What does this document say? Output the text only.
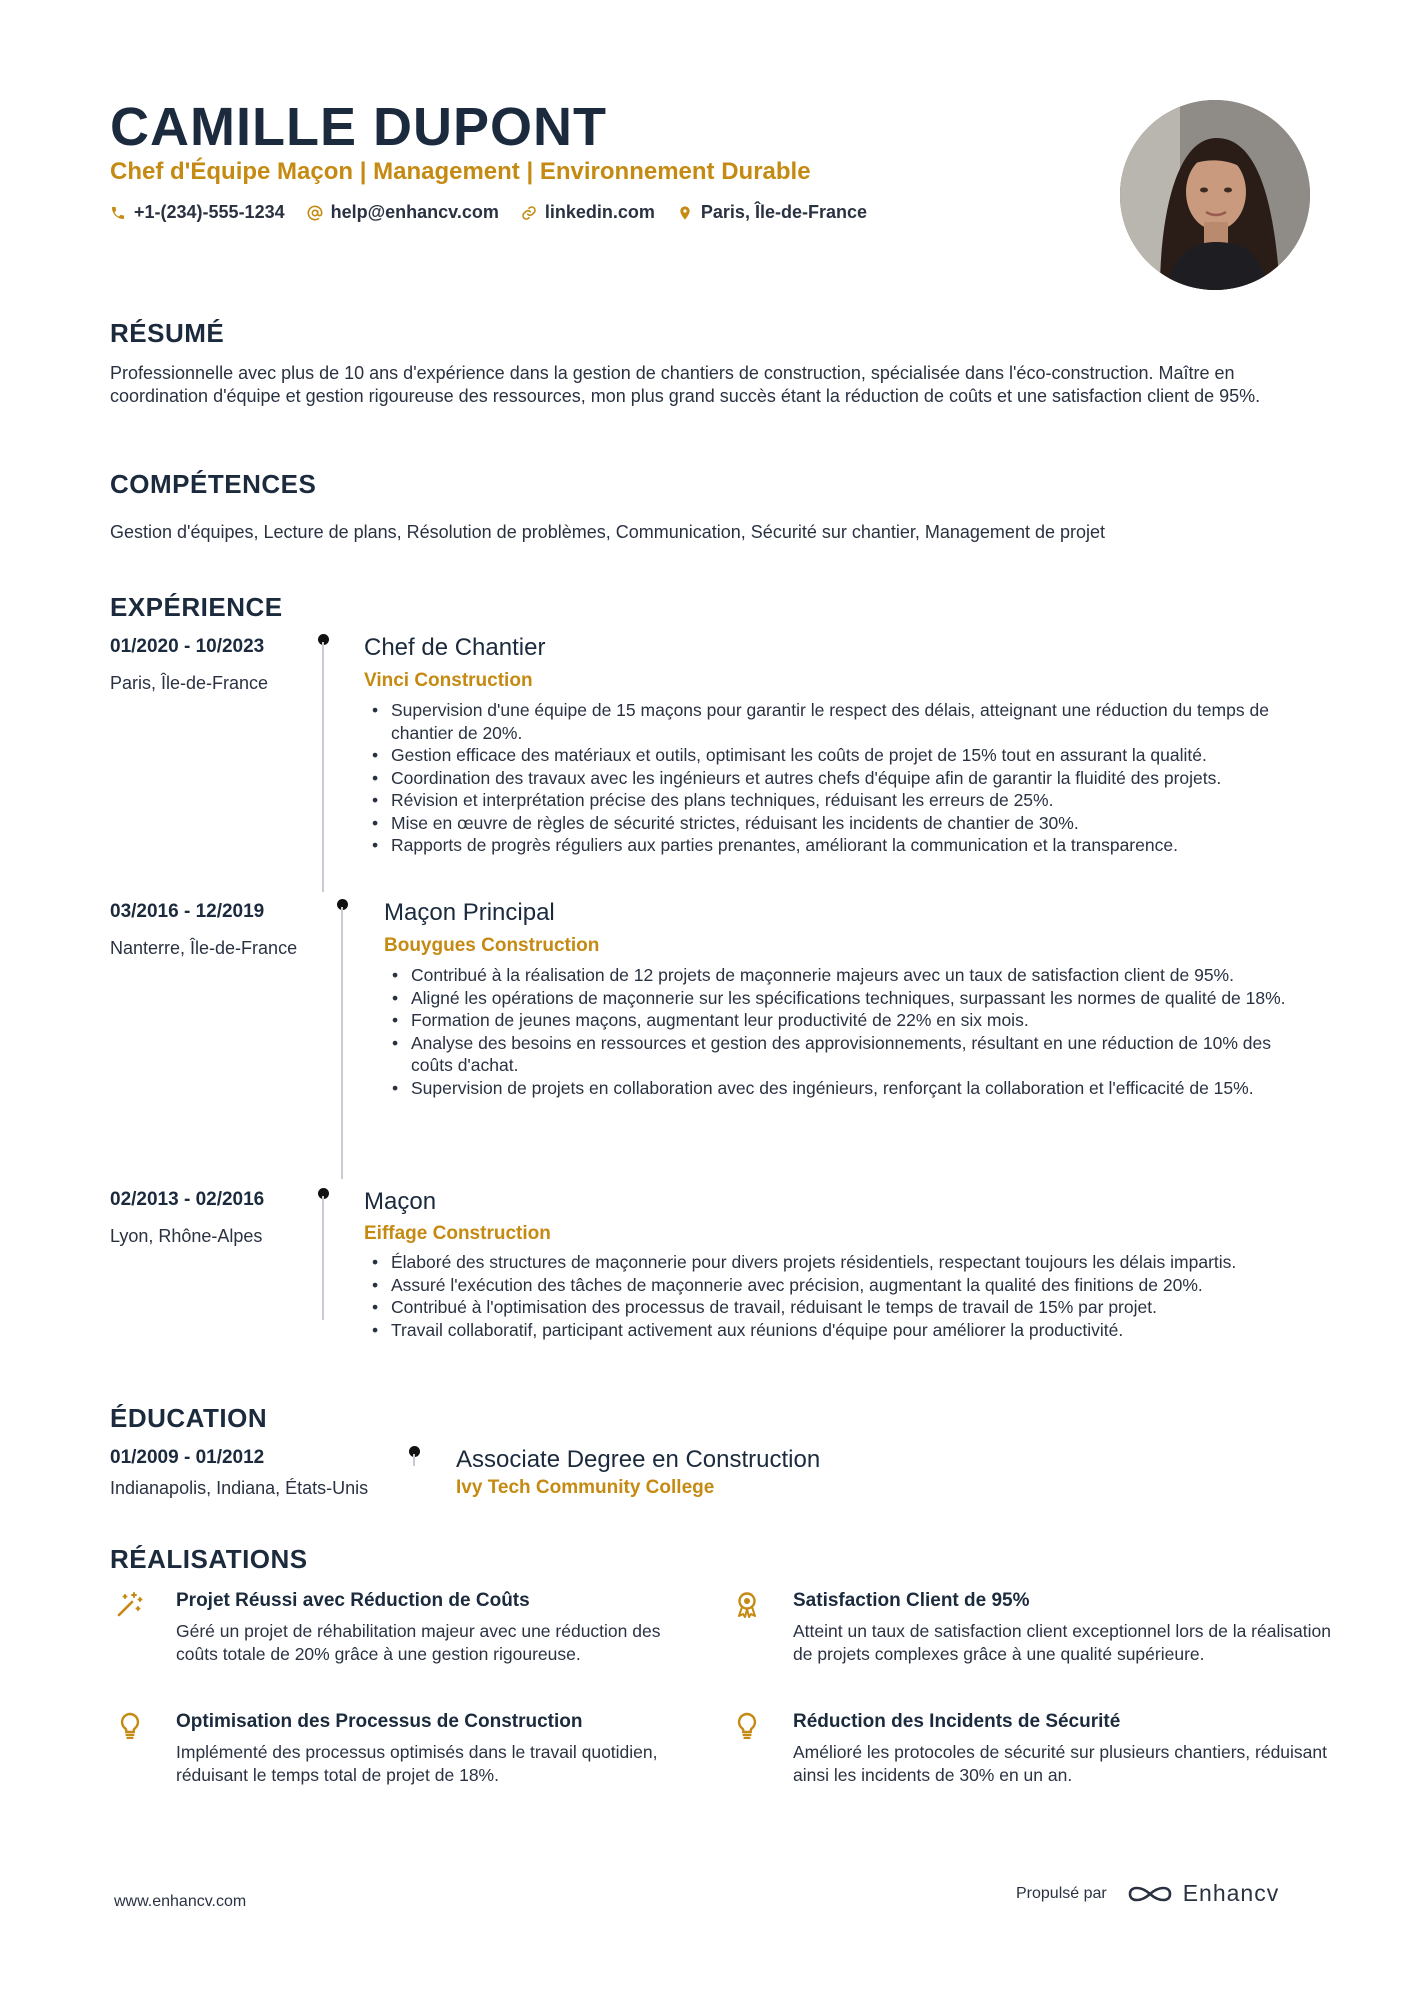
CAMILLE DUPONT
Chef d'Équipe Maçon | Management | Environnement Durable
+1-(234)-555-1234	help@enhancv.com	linkedin.com	Paris, Île-de-France
RÉSUMÉ
Professionnelle avec plus de 10 ans d'expérience dans la gestion de chantiers de construction, spécialisée dans l'éco-construction. Maître en coordination d'équipe et gestion rigoureuse des ressources, mon plus grand succès étant la réduction de coûts et une satisfaction client de 95%.
COMPÉTENCES
Gestion d'équipes, Lecture de plans, Résolution de problèmes, Communication, Sécurité sur chantier, Management de projet
EXPÉRIENCE
01/2020 - 10/2023
Paris, Île-de-France
Chef de Chantier
Vinci Construction
• Supervision d'une équipe de 15 maçons pour garantir le respect des délais, atteignant une réduction du temps de chantier de 20%.
• Gestion efficace des matériaux et outils, optimisant les coûts de projet de 15% tout en assurant la qualité.
• Coordination des travaux avec les ingénieurs et autres chefs d'équipe afin de garantir la fluidité des projets.
• Révision et interprétation précise des plans techniques, réduisant les erreurs de 25%.
• Mise en œuvre de règles de sécurité strictes, réduisant les incidents de chantier de 30%.
• Rapports de progrès réguliers aux parties prenantes, améliorant la communication et la transparence.
03/2016 - 12/2019
Nanterre, Île-de-France
Maçon Principal
Bouygues Construction
• Contribué à la réalisation de 12 projets de maçonnerie majeurs avec un taux de satisfaction client de 95%.
• Aligné les opérations de maçonnerie sur les spécifications techniques, surpassant les normes de qualité de 18%.
• Formation de jeunes maçons, augmentant leur productivité de 22% en six mois.
• Analyse des besoins en ressources et gestion des approvisionnements, résultant en une réduction de 10% des coûts d'achat.
• Supervision de projets en collaboration avec des ingénieurs, renforçant la collaboration et l'efficacité de 15%.
02/2013 - 02/2016
Lyon, Rhône-Alpes
Maçon
Eiffage Construction
• Élaboré des structures de maçonnerie pour divers projets résidentiels, respectant toujours les délais impartis.
• Assuré l'exécution des tâches de maçonnerie avec précision, augmentant la qualité des finitions de 20%.
• Contribué à l'optimisation des processus de travail, réduisant le temps de travail de 15% par projet.
• Travail collaboratif, participant activement aux réunions d'équipe pour améliorer la productivité.
ÉDUCATION
01/2009 - 01/2012
Indianapolis, Indiana, États-Unis
Associate Degree en Construction
Ivy Tech Community College
RÉALISATIONS
Projet Réussi avec Réduction de Coûts
Géré un projet de réhabilitation majeur avec une réduction des coûts totale de 20% grâce à une gestion rigoureuse.
Satisfaction Client de 95%
Atteint un taux de satisfaction client exceptionnel lors de la réalisation de projets complexes grâce à une qualité supérieure.
Optimisation des Processus de Construction
Implémenté des processus optimisés dans le travail quotidien, réduisant le temps total de projet de 18%.
Réduction des Incidents de Sécurité
Amélioré les protocoles de sécurité sur plusieurs chantiers, réduisant ainsi les incidents de 30% en un an.
www.enhancv.com	Propulsé par	Enhancv
